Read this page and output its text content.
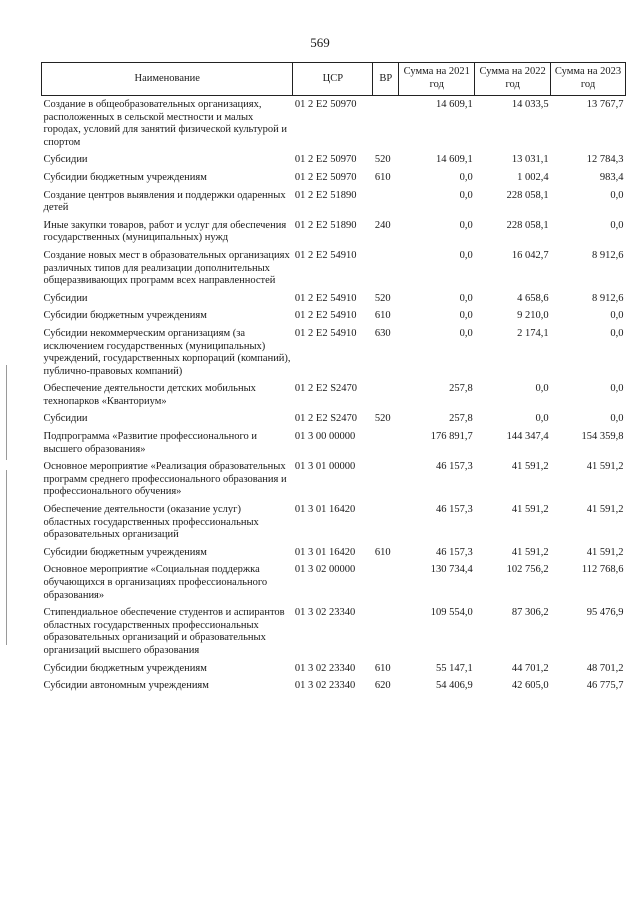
569
Наименование	ЦСР	ВР	Сумма на 2021 год	Сумма на 2022 год	Сумма на 2023 год
Создание в общеобразовательных организациях, расположенных в сельской местности и малых городах, условий для занятий физической культурой и спортом	01 2 E2 50970		14 609,1	14 033,5	13 767,7
Субсидии	01 2 E2 50970	520	14 609,1	13 031,1	12 784,3
Субсидии бюджетным учреждениям	01 2 E2 50970	610	0,0	1 002,4	983,4
Создание центров выявления и поддержки одаренных детей	01 2 E2 51890		0,0	228 058,1	0,0
Иные закупки товаров, работ и услуг для обеспечения государственных (муниципальных) нужд	01 2 E2 51890	240	0,0	228 058,1	0,0
Создание новых мест в образовательных организациях различных типов для реализации дополнительных общеразвивающих программ всех направленностей	01 2 E2 54910		0,0	16 042,7	8 912,6
Субсидии	01 2 E2 54910	520	0,0	4 658,6	8 912,6
Субсидии бюджетным учреждениям	01 2 E2 54910	610	0,0	9 210,0	0,0
Субсидии некоммерческим организациям (за исключением государственных (муниципальных) учреждений, государственных корпораций (компаний), публично-правовых компаний)	01 2 E2 54910	630	0,0	2 174,1	0,0
Обеспечение деятельности детских мобильных технопарков «Кванториум»	01 2 E2 S2470		257,8	0,0	0,0
Субсидии	01 2 E2 S2470	520	257,8	0,0	0,0
Подпрограмма «Развитие профессионального и высшего образования»	01 3 00 00000		176 891,7	144 347,4	154 359,8
Основное мероприятие «Реализация образовательных программ среднего профессионального образования и профессионального обучения»	01 3 01 00000		46 157,3	41 591,2	41 591,2
Обеспечение деятельности (оказание услуг) областных государственных профессиональных образовательных организаций	01 3 01 16420		46 157,3	41 591,2	41 591,2
Субсидии бюджетным учреждениям	01 3 01 16420	610	46 157,3	41 591,2	41 591,2
Основное мероприятие «Социальная поддержка обучающихся в организациях профессионального образования»	01 3 02 00000		130 734,4	102 756,2	112 768,6
Стипендиальное обеспечение студентов и аспирантов областных государственных профессиональных образовательных организаций и образовательных организаций высшего образования	01 3 02 23340		109 554,0	87 306,2	95 476,9
Субсидии бюджетным учреждениям	01 3 02 23340	610	55 147,1	44 701,2	48 701,2
Субсидии автономным учреждениям	01 3 02 23340	620	54 406,9	42 605,0	46 775,7
